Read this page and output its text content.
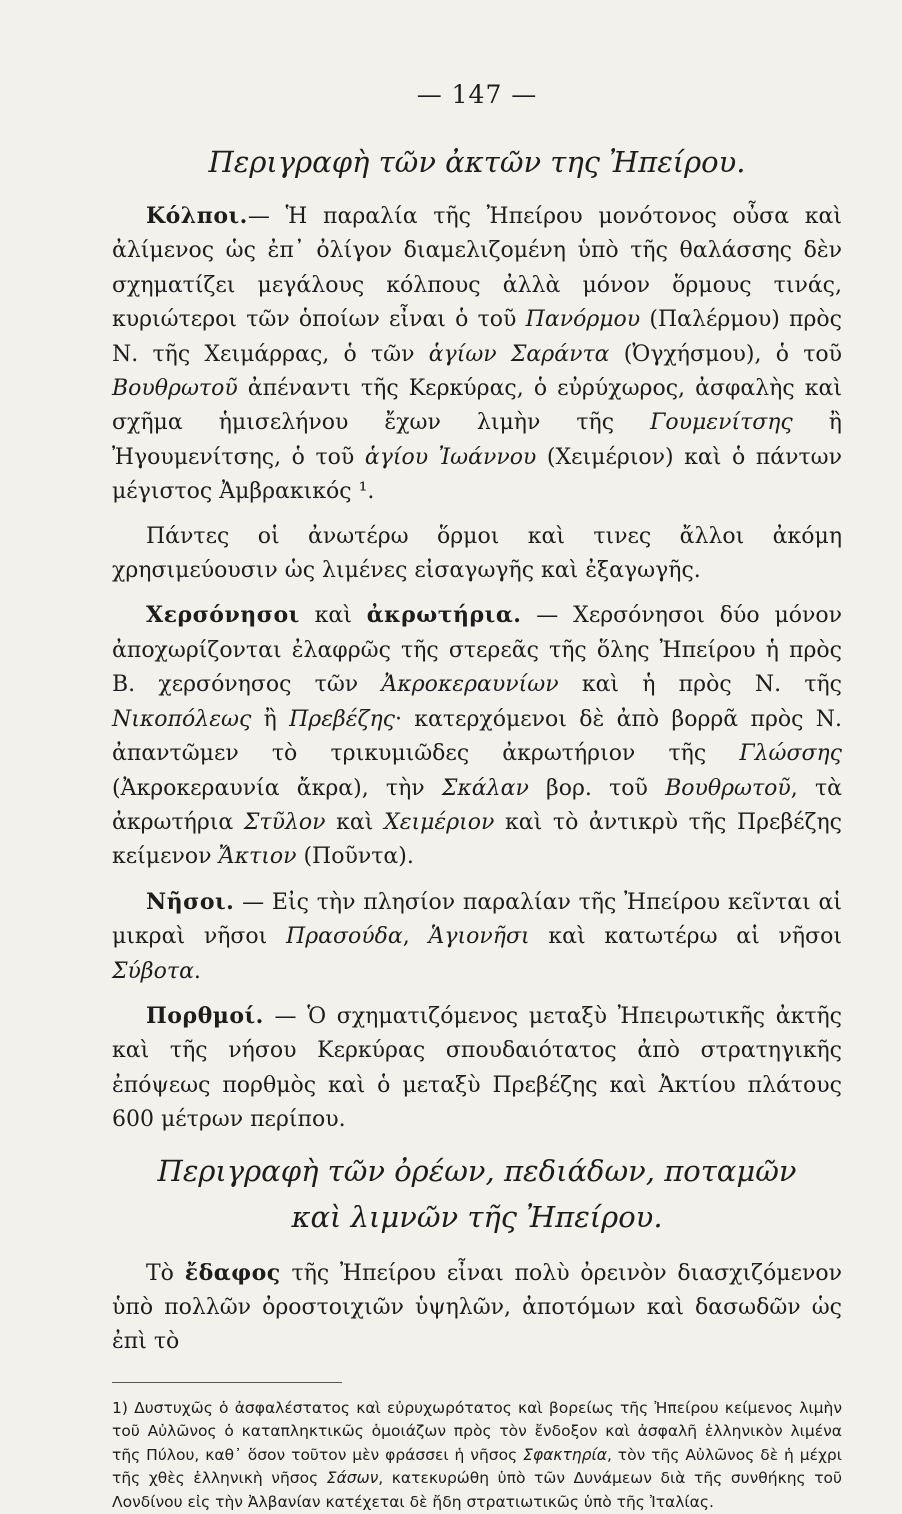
— 147 —
Περιγραφὴ τῶν ἀκτῶν της Ἠπείρου.

Κόλποι.— Ἡ παραλία τῆς Ἠπείρου μονότονος οὖσα καὶ ἀλίμενος ὡς ἐπ᾽ ὀλίγον διαμελιζομένη ὑπὸ τῆς θαλάσσης δὲν σχηματίζει μεγάλους κόλπους ἀλλὰ μόνον ὅρμους τινάς, κυριώτεροι τῶν ὁποίων εἶναι ὁ τοῦ Πανόρμου (Παλέρμου) πρὸς Ν. τῆς Χειμάρρας, ὁ τῶν ἁγίων Σαράντα (Ὀγχήσμου), ὁ τοῦ Βουθρωτοῦ ἀπέναντι τῆς Κερκύρας, ὁ εὐρύχωρος, ἀσφαλὴς καὶ σχῆμα ἡμισελήνου ἔχων λιμὴν τῆς Γουμενίτσης ἢ Ἠγουμενίτσης, ὁ τοῦ ἁγίου Ἰωάννου (Χειμέριον) καὶ ὁ πάντων μέγιστος Ἀμβρακικός ¹.

Πάντες οἱ ἀνωτέρω ὅρμοι καὶ τινες ἄλλοι ἀκόμη χρησιμεύουσιν ὡς λιμένες εἰσαγωγῆς καὶ ἐξαγωγῆς.

Χερσόνησοι καὶ ἀκρωτήρια. — Χερσόνησοι δύο μόνον ἀποχωρίζονται ἐλαφρῶς τῆς στερεᾶς τῆς ὅλης Ἠπείρου ἡ πρὸς Β. χερσόνησος τῶν Ἀκροκεραυνίων καὶ ἡ πρὸς Ν. τῆς Νικοπόλεως ἢ Πρεβέζης· κατερχόμενοι δὲ ἀπὸ βορρᾶ πρὸς Ν. ἀπαντῶμεν τὸ τρικυμιῶδες ἀκρωτήριον τῆς Γλώσσης (Ἀκροκεραυνία ἄκρα), τὴν Σκάλαν βορ. τοῦ Βουθρωτοῦ, τὰ ἀκρωτήρια Στῦλον καὶ Χειμέριον καὶ τὸ ἀντικρὺ τῆς Πρεβέζης κείμενον Ἄκτιον (Ποῦντα).

Νῆσοι. — Εἰς τὴν πλησίον παραλίαν τῆς Ἠπείρου κεῖνται αἱ μικραὶ νῆσοι Πρασούδα, Ἁγιονῆσι καὶ κατωτέρω αἱ νῆσοι Σύβοτα.

Πορθμοί. — Ὁ σχηματιζόμενος μεταξὺ Ἠπειρωτικῆς ἀκτῆς καὶ τῆς νήσου Κερκύρας σπουδαιότατος ἀπὸ στρατηγικῆς ἐπόψεως πορθμὸς καὶ ὁ μεταξὺ Πρεβέζης καὶ Ἀκτίου πλάτους 600 μέτρων περίπου.

Περιγραφὴ τῶν ὀρέων, πεδιάδων, ποταμῶν
καὶ λιμνῶν τῆς Ἠπείρου.

Τὸ ἔδαφος τῆς Ἠπείρου εἶναι πολὺ ὀρεινὸν διασχιζόμενον ὑπὸ πολλῶν ὀροστοιχιῶν ὑψηλῶν, ἀποτόμων καὶ δασωδῶν ὡς ἐπὶ τὸ

1) Δυστυχῶς ὁ ἀσφαλέστατος καὶ εὐρυχωρότατος καὶ βορείως τῆς Ἠπείρου κείμενος λιμὴν τοῦ Αὐλῶνος ὁ καταπληκτικῶς ὁμοιάζων πρὸς τὸν ἔνδοξον καὶ ἀσφαλῆ ἑλληνικὸν λιμένα τῆς Πύλου, καθ᾽ ὅσον τοῦτον μὲν φράσσει ἡ νῆσος Σφακτηρία, τὸν τῆς Αὐλῶνος δὲ ἡ μέχρι τῆς χθὲς ἑλληνικὴ νῆσος Σάσων, κατεκυρώθη ὑπὸ τῶν Δυνάμεων διὰ τῆς συνθήκης τοῦ Λονδίνου εἰς τὴν Ἀλβανίαν κατέχεται δὲ ἤδη στρατιωτικῶς ὑπὸ τῆς Ἰταλίας.
